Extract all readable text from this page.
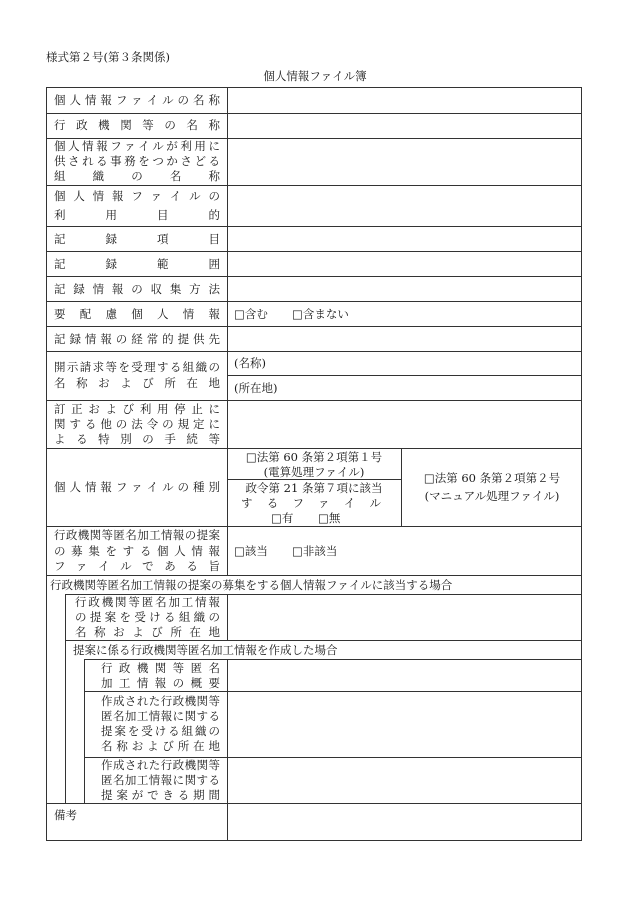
様式第２号(第３条関係)
個人情報ファイル簿
個人情報ファイルの名称
行政機関等の名称
個人情報ファイルが利用に
供される事務をつかさどる
組織の名称
個人情報ファイルの
利用目的
記録項目
記録範囲
記録情報の収集方法
要配慮個人情報
記録情報の経常的提供先
開示請求等を受理する組織の
名称および所在地
訂正および利用停止に
関する他の法令の規定に
よる特別の手続等
個人情報ファイルの種別
行政機関等匿名加工情報の提案
の募集をする個人情報
ファイルである旨
行政機関等匿名加工情報の提案の募集をする個人情報ファイルに該当する場合
行政機関等匿名加工情報
の提案を受ける組織の
名称および所在地
提案に係る行政機関等匿名加工情報を作成した場合
行政機関等匿名
加工情報の概要
作成された行政機関等
匿名加工情報に関する
提案を受ける組織の
名称および所在地
作成された行政機関等
匿名加工情報に関する
提案ができる期間
備考
□含む □含まない
(名称)
(所在地)
□法第 60 条第２項第１号
(電算処理ファイル)
政令第 21 条第７項に該当
するファイル
□有 □無
□法第 60 条第２項第２号
(マニュアル処理ファイル)
□該当 □非該当
